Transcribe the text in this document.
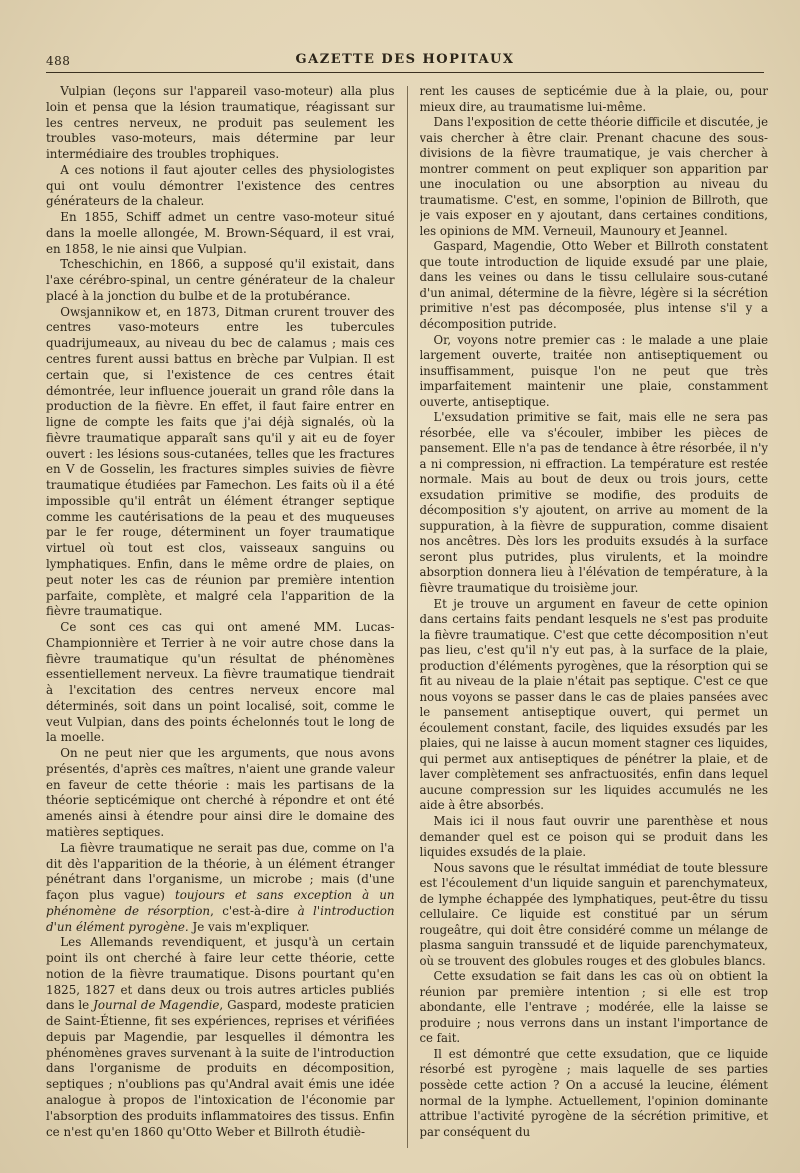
488	GAZETTE DES HOPITAUX

Vulpian (leçons sur l'appareil vaso-moteur) alla plus loin et pensa que la lésion traumatique, réagissant sur les centres nerveux, ne produit pas seulement les troubles vaso-moteurs, mais détermine par leur intermédiaire des troubles trophiques.

A ces notions il faut ajouter celles des physiologistes qui ont voulu démontrer l'existence des centres générateurs de la chaleur.

En 1855, Schiff admet un centre vaso-moteur situé dans la moelle allongée, M. Brown-Séquard, il est vrai, en 1858, le nie ainsi que Vulpian.

Tcheschichin, en 1866, a supposé qu'il existait, dans l'axe cérébro-spinal, un centre générateur de la chaleur placé à la jonction du bulbe et de la protubérance.

Owsjannikow et, en 1873, Ditman crurent trouver des centres vaso-moteurs entre les tubercules quadrijumeaux, au niveau du bec de calamus ; mais ces centres furent aussi battus en brèche par Vulpian. Il est certain que, si l'existence de ces centres était démontrée, leur influence jouerait un grand rôle dans la production de la fièvre. En effet, il faut faire entrer en ligne de compte les faits que j'ai déjà signalés, où la fièvre traumatique apparaît sans qu'il y ait eu de foyer ouvert : les lésions sous-cutanées, telles que les fractures en V de Gosselin, les fractures simples suivies de fièvre traumatique étudiées par Famechon. Les faits où il a été impossible qu'il entrât un élément étranger septique comme les cautérisations de la peau et des muqueuses par le fer rouge, déterminent un foyer traumatique virtuel où tout est clos, vaisseaux sanguins ou lymphatiques. Enfin, dans le même ordre de plaies, on peut noter les cas de réunion par première intention parfaite, complète, et malgré cela l'apparition de la fièvre traumatique.

Ce sont ces cas qui ont amené MM. Lucas-Championnière et Terrier à ne voir autre chose dans la fièvre traumatique qu'un résultat de phénomènes essentiellement nerveux. La fièvre traumatique tiendrait à l'excitation des centres nerveux encore mal déterminés, soit dans un point localisé, soit, comme le veut Vulpian, dans des points échelonnés tout le long de la moelle.

On ne peut nier que les arguments, que nous avons présentés, d'après ces maîtres, n'aient une grande valeur en faveur de cette théorie : mais les partisans de la théorie septicémique ont cherché à répondre et ont été amenés ainsi à étendre pour ainsi dire le domaine des matières septiques.

La fièvre traumatique ne serait pas due, comme on l'a dit dès l'apparition de la théorie, à un élément étranger pénétrant dans l'organisme, un microbe ; mais (d'une façon plus vague) toujours et sans exception à un phénomène de résorption, c'est-à-dire à l'introduction d'un élément pyrogène. Je vais m'expliquer.

Les Allemands revendiquent, et jusqu'à un certain point ils ont cherché à faire leur cette théorie, cette notion de la fièvre traumatique. Disons pourtant qu'en 1825, 1827 et dans deux ou trois autres articles publiés dans le Journal de Magendie, Gaspard, modeste praticien de Saint-Étienne, fit ses expériences, reprises et vérifiées depuis par Magendie, par lesquelles il démontra les phénomènes graves survenant à la suite de l'introduction dans l'organisme de produits en décomposition, septiques ; n'oublions pas qu'Andral avait émis une idée analogue à propos de l'intoxication de l'économie par l'absorption des produits inflammatoires des tissus. Enfin ce n'est qu'en 1860 qu'Otto Weber et Billroth étudiè-

rent les causes de septicémie due à la plaie, ou, pour mieux dire, au traumatisme lui-même.

Dans l'exposition de cette théorie difficile et discutée, je vais chercher à être clair. Prenant chacune des sous-divisions de la fièvre traumatique, je vais chercher à montrer comment on peut expliquer son apparition par une inoculation ou une absorption au niveau du traumatisme. C'est, en somme, l'opinion de Billroth, que je vais exposer en y ajoutant, dans certaines conditions, les opinions de MM. Verneuil, Maunoury et Jeannel.

Gaspard, Magendie, Otto Weber et Billroth constatent que toute introduction de liquide exsudé par une plaie, dans les veines ou dans le tissu cellulaire sous-cutané d'un animal, détermine de la fièvre, légère si la sécrétion primitive n'est pas décomposée, plus intense s'il y a décomposition putride.

Or, voyons notre premier cas : le malade a une plaie largement ouverte, traitée non antiseptiquement ou insuffisamment, puisque l'on ne peut que très imparfaitement maintenir une plaie, constamment ouverte, antiseptique.

L'exsudation primitive se fait, mais elle ne sera pas résorbée, elle va s'écouler, imbiber les pièces de pansement. Elle n'a pas de tendance à être résorbée, il n'y a ni compression, ni effraction. La température est restée normale. Mais au bout de deux ou trois jours, cette exsudation primitive se modifie, des produits de décomposition s'y ajoutent, on arrive au moment de la suppuration, à la fièvre de suppuration, comme disaient nos ancêtres. Dès lors les produits exsudés à la surface seront plus putrides, plus virulents, et la moindre absorption donnera lieu à l'élévation de température, à la fièvre traumatique du troisième jour.

Et je trouve un argument en faveur de cette opinion dans certains faits pendant lesquels ne s'est pas produite la fièvre traumatique. C'est que cette décomposition n'eut pas lieu, c'est qu'il n'y eut pas, à la surface de la plaie, production d'éléments pyrogènes, que la résorption qui se fit au niveau de la plaie n'était pas septique. C'est ce que nous voyons se passer dans le cas de plaies pansées avec le pansement antiseptique ouvert, qui permet un écoulement constant, facile, des liquides exsudés par les plaies, qui ne laisse à aucun moment stagner ces liquides, qui permet aux antiseptiques de pénétrer la plaie, et de laver complètement ses anfractuosités, enfin dans lequel aucune compression sur les liquides accumulés ne les aide à être absorbés.

Mais ici il nous faut ouvrir une parenthèse et nous demander quel est ce poison qui se produit dans les liquides exsudés de la plaie.

Nous savons que le résultat immédiat de toute blessure est l'écoulement d'un liquide sanguin et parenchymateux, de lymphe échappée des lymphatiques, peut-être du tissu cellulaire. Ce liquide est constitué par un sérum rougeâtre, qui doit être considéré comme un mélange de plasma sanguin transsudé et de liquide parenchymateux, où se trouvent des globules rouges et des globules blancs.

Cette exsudation se fait dans les cas où on obtient la réunion par première intention ; si elle est trop abondante, elle l'entrave ; modérée, elle la laisse se produire ; nous verrons dans un instant l'importance de ce fait.

Il est démontré que cette exsudation, que ce liquide résorbé est pyrogène ; mais laquelle de ses parties possède cette action ? On a accusé la leucine, élément normal de la lymphe. Actuellement, l'opinion dominante attribue l'activité pyrogène de la sécrétion primitive, et par conséquent du
